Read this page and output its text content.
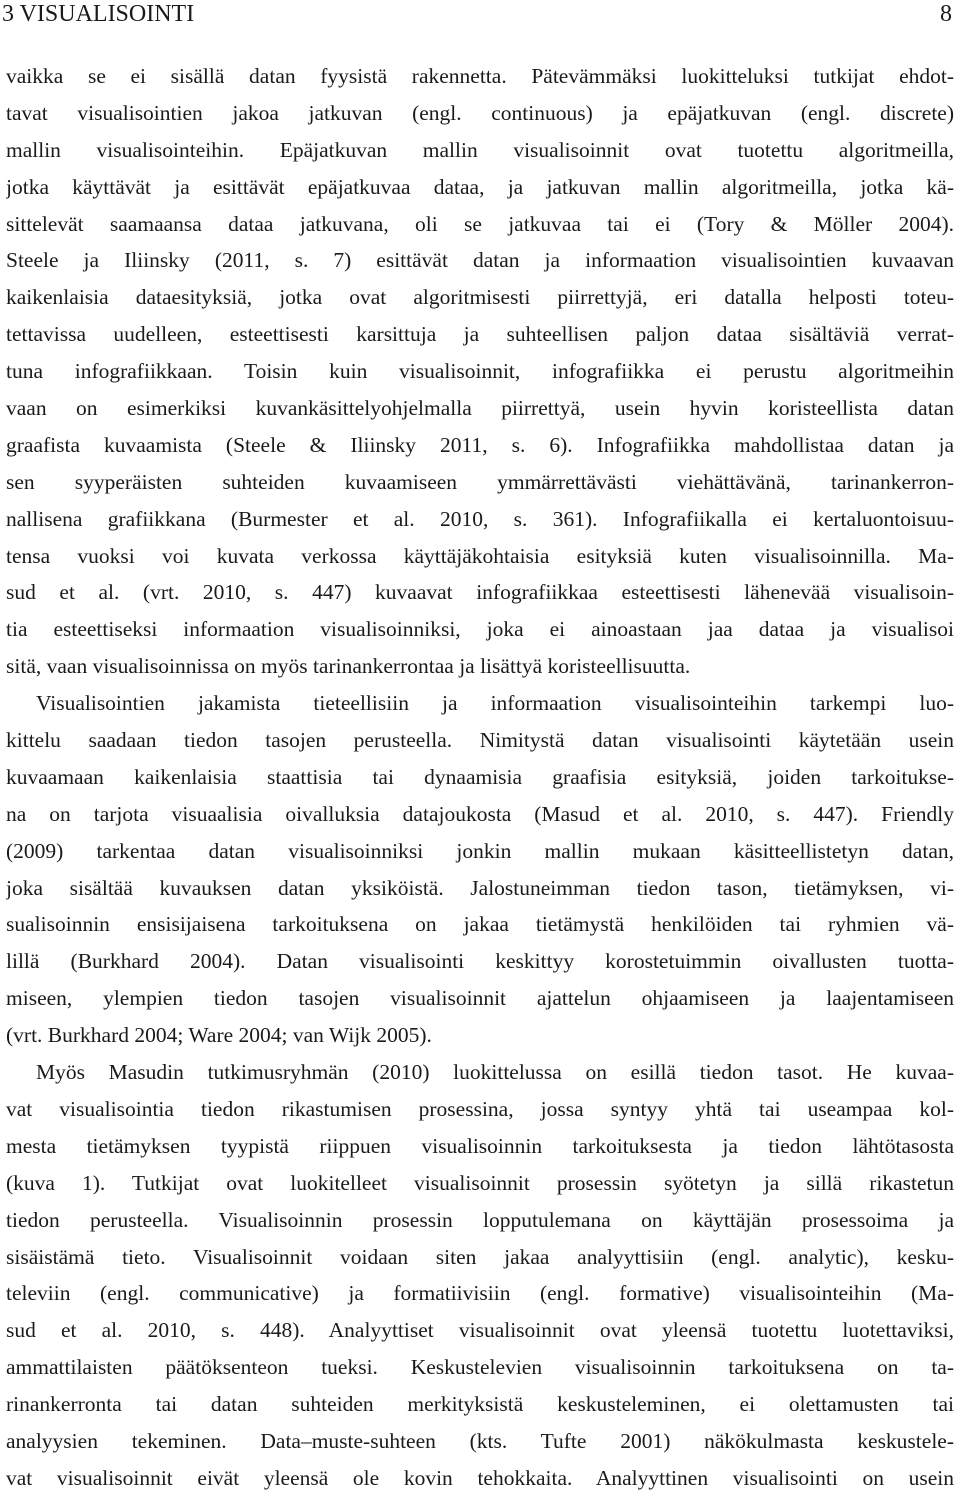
3 VISUALISOINTI	8
vaikka se ei sisällä datan fyysistä rakennetta. Pätevämmäksi luokitteluksi tutkijat ehdot-
tavat visualisointien jakoa jatkuvan (engl. continuous) ja epäjatkuvan (engl. discrete)
mallin visualisointeihin. Epäjatkuvan mallin visualisoinnit ovat tuotettu algoritmeilla,
jotka käyttävät ja esittävät epäjatkuvaa dataa, ja jatkuvan mallin algoritmeilla, jotka kä-
sittelevät saamaansa dataa jatkuvana, oli se jatkuvaa tai ei (Tory & Möller 2004).
Steele ja Iliinsky (2011, s. 7) esittävät datan ja informaation visualisointien kuvaavan
kaikenlaisia dataesityksiä, jotka ovat algoritmisesti piirrettyjä, eri datalla helposti toteu-
tettavissa uudelleen, esteettisesti karsittuja ja suhteellisen paljon dataa sisältäviä verrat-
tuna infografiikkaan. Toisin kuin visualisoinnit, infografiikka ei perustu algoritmeihin
vaan on esimerkiksi kuvankäsittelyohjelmalla piirrettyä, usein hyvin koristeellista datan
graafista kuvaamista (Steele & Iliinsky 2011, s. 6). Infografiikka mahdollistaa datan ja
sen syyperäisten suhteiden kuvaamiseen ymmärrettävästi viehättävänä, tarinankerron-
nallisena grafiikkana (Burmester et al. 2010, s. 361). Infografiikalla ei kertaluontoisuu-
tensa vuoksi voi kuvata verkossa käyttäjäkohtaisia esityksiä kuten visualisoinnilla. Ma-
sud et al. (vrt. 2010, s. 447) kuvaavat infografiikkaa esteettisesti lähenevää visualisoin-
tia esteettiseksi informaation visualisoinniksi, joka ei ainoastaan jaa dataa ja visualisoi
sitä, vaan visualisoinnissa on myös tarinankerrontaa ja lisättyä koristeellisuutta.
Visualisointien jakamista tieteellisiin ja informaation visualisointeihin tarkempi luo-
kittelu saadaan tiedon tasojen perusteella. Nimitystä datan visualisointi käytetään usein
kuvaamaan kaikenlaisia staattisia tai dynaamisia graafisia esityksiä, joiden tarkoitukse-
na on tarjota visuaalisia oivalluksia datajoukosta (Masud et al. 2010, s. 447). Friendly
(2009) tarkentaa datan visualisoinniksi jonkin mallin mukaan käsitteellistetyn datan,
joka sisältää kuvauksen datan yksiköistä. Jalostuneimman tiedon tason, tietämyksen, vi-
sualisoinnin ensisijaisena tarkoituksena on jakaa tietämystä henkilöiden tai ryhmien vä-
lillä (Burkhard 2004). Datan visualisointi keskittyy korostetuimmin oivallusten tuotta-
miseen, ylempien tiedon tasojen visualisoinnit ajattelun ohjaamiseen ja laajentamiseen
(vrt. Burkhard 2004; Ware 2004; van Wijk 2005).
Myös Masudin tutkimusryhmän (2010) luokittelussa on esillä tiedon tasot. He kuvaa-
vat visualisointia tiedon rikastumisen prosessina, jossa syntyy yhtä tai useampaa kol-
mesta tietämyksen tyypistä riippuen visualisoinnin tarkoituksesta ja tiedon lähtötasosta
(kuva 1). Tutkijat ovat luokitelleet visualisoinnit prosessin syötetyn ja sillä rikastetun
tiedon perusteella. Visualisoinnin prosessin lopputulemana on käyttäjän prosessoima ja
sisäistämä tieto. Visualisoinnit voidaan siten jakaa analyyttisiin (engl. analytic), kesku-
televiin (engl. communicative) ja formatiivisiin (engl. formative) visualisointeihin (Ma-
sud et al. 2010, s. 448). Analyyttiset visualisoinnit ovat yleensä tuotettu luotettaviksi,
ammattilaisten päätöksenteon tueksi. Keskustelevien visualisoinnin tarkoituksena on ta-
rinankerronta tai datan suhteiden merkityksistä keskusteleminen, ei olettamusten tai
analyysien tekeminen. Data–muste-suhteen (kts. Tufte 2001) näkökulmasta keskustele-
vat visualisoinnit eivät yleensä ole kovin tehokkaita. Analyyttinen visualisointi on usein
